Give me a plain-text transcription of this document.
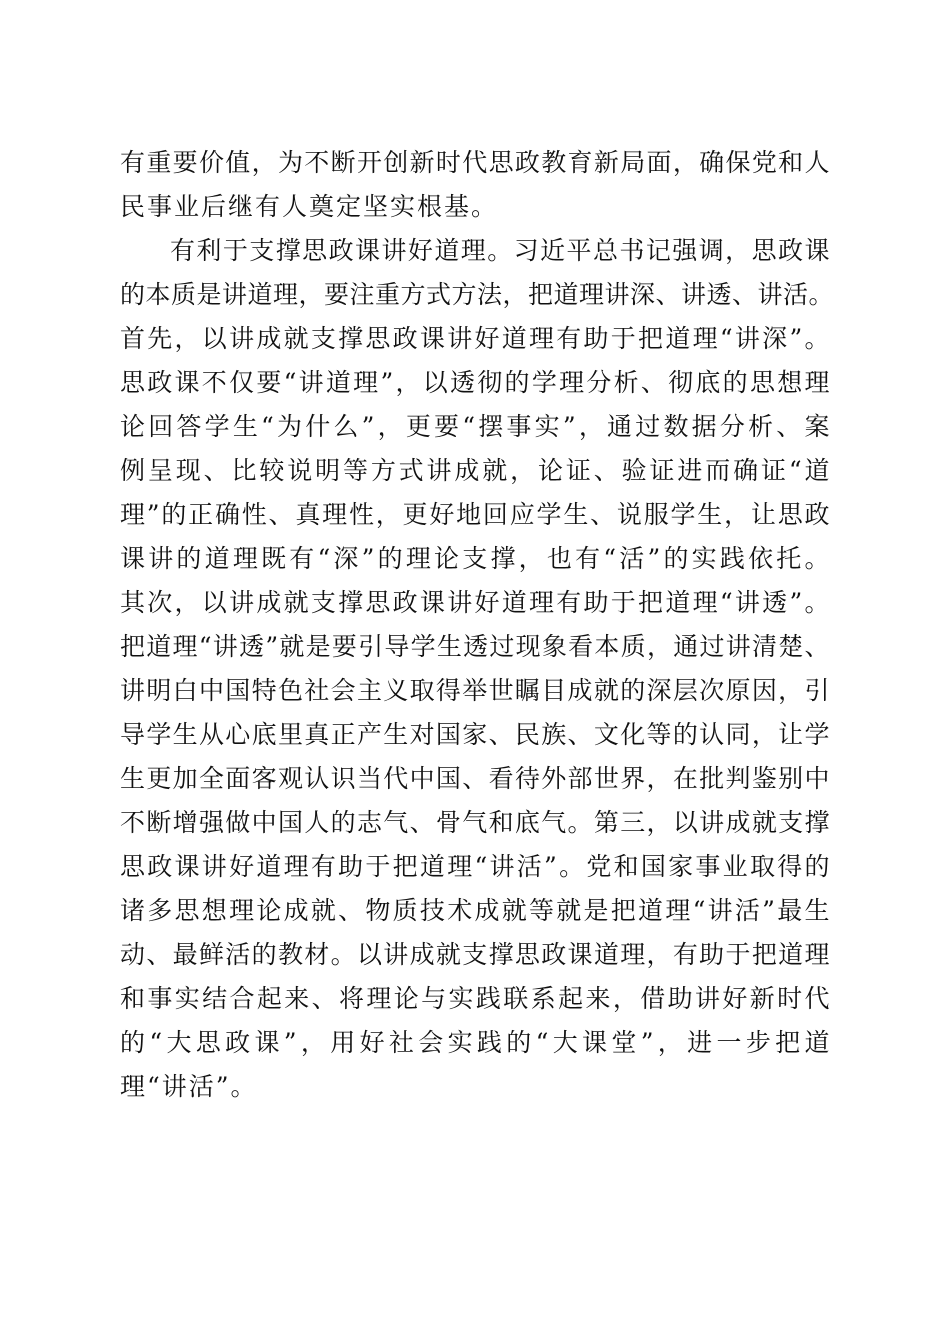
有重要价值，为不断开创新时代思政教育新局面，确保党和人
民事业后继有人奠定坚实根基。
有利于支撑思政课讲好道理。习近平总书记强调，思政课
的本质是讲道理，要注重方式方法，把道理讲深、讲透、讲活。
首先，以讲成就支撑思政课讲好道理有助于把道理“讲深”。
思政课不仅要“讲道理”，以透彻的学理分析、彻底的思想理
论回答学生“为什么”，更要“摆事实”，通过数据分析、案
例呈现、比较说明等方式讲成就，论证、验证进而确证“道
理”的正确性、真理性，更好地回应学生、说服学生，让思政
课讲的道理既有“深”的理论支撑，也有“活”的实践依托。
其次，以讲成就支撑思政课讲好道理有助于把道理“讲透”。
把道理“讲透”就是要引导学生透过现象看本质，通过讲清楚、
讲明白中国特色社会主义取得举世瞩目成就的深层次原因，引
导学生从心底里真正产生对国家、民族、文化等的认同，让学
生更加全面客观认识当代中国、看待外部世界，在批判鉴别中
不断增强做中国人的志气、骨气和底气。第三，以讲成就支撑
思政课讲好道理有助于把道理“讲活”。党和国家事业取得的
诸多思想理论成就、物质技术成就等就是把道理“讲活”最生
动、最鲜活的教材。以讲成就支撑思政课道理，有助于把道理
和事实结合起来、将理论与实践联系起来，借助讲好新时代
的“大思政课”，用好社会实践的“大课堂”，进一步把道
理“讲活”。
